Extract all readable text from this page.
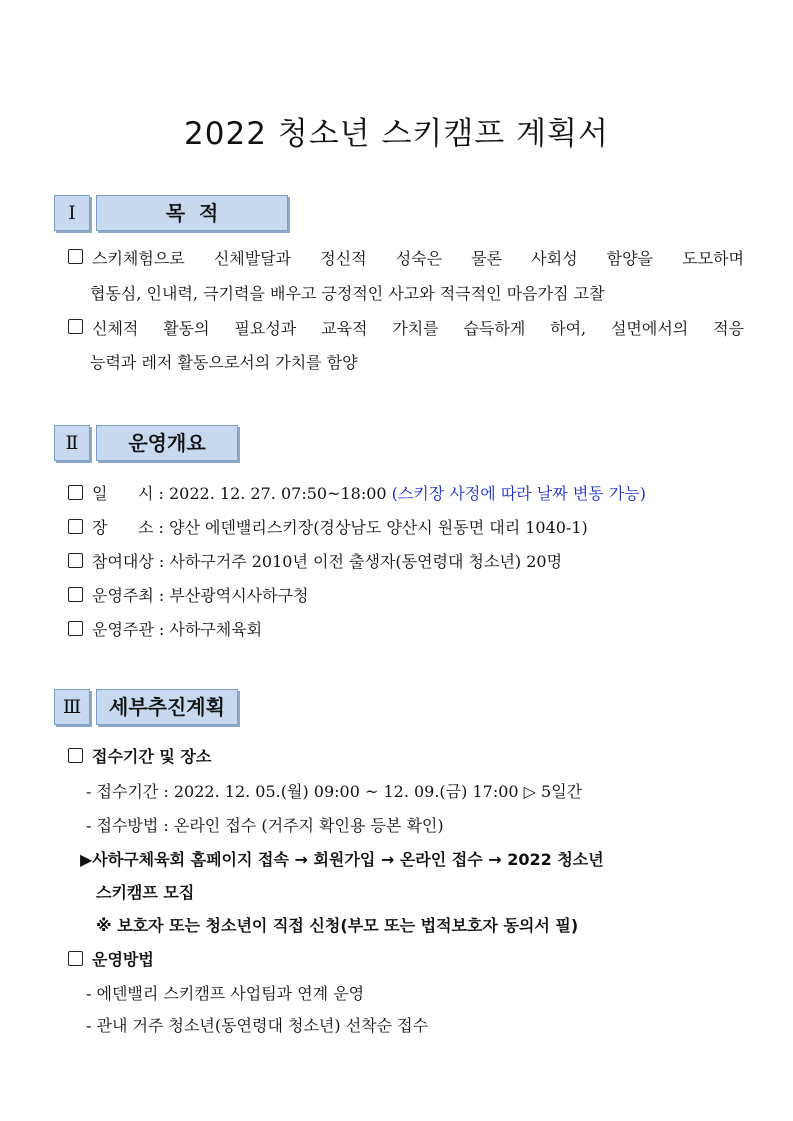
2022 청소년 스키캠프 계획서
Ⅰ	목  적
스키체험으로 신체발달과 정신적 성숙은 물론 사회성 함양을 도모하며
협동심, 인내력, 극기력을 배우고 긍정적인 사고와 적극적인 마음가짐 고찰
신체적 활동의 필요성과 교육적 가치를 습득하게 하여, 설면에서의 적응
능력과 레저 활동으로서의 가치를 함양
Ⅱ	운영개요
일      시 : 2022. 12. 27. 07:50~18:00 (스키장 사정에 따라 날짜 변동 가능)
장      소 : 양산 에덴밸리스키장(경상남도 양산시 원동면 대리 1040-1)
참여대상 : 사하구거주 2010년 이전 출생자(동연령대 청소년) 20명
운영주최 : 부산광역시사하구청
운영주관 : 사하구체육회
Ⅲ	세부추진계획
접수기간 및 장소
- 접수기간 : 2022. 12. 05.(월) 09:00 ~ 12. 09.(금) 17:00 ▷ 5일간
- 접수방법 : 온라인 접수 (거주지 확인용 등본 확인)
▶사하구체육회 홈페이지 접속 → 회원가입 → 온라인 접수 → 2022 청소년
스키캠프 모집
※ 보호자 또는 청소년이 직접 신청(부모 또는 법적보호자 동의서 필)
운영방법
- 에덴밸리 스키캠프 사업팀과 연계 운영
- 관내 거주 청소년(동연령대 청소년) 선착순 접수
